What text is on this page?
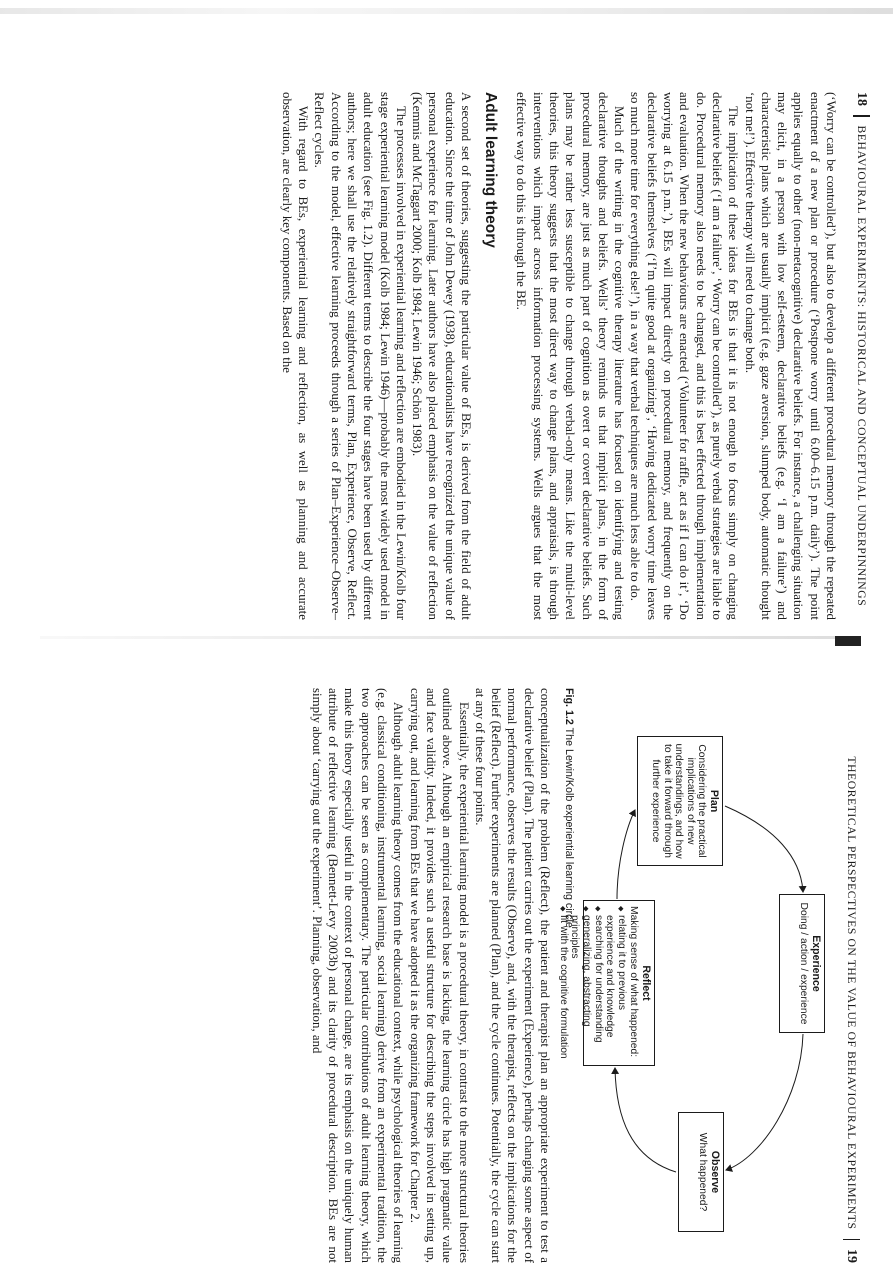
18
BEHAVIOURAL EXPERIMENTS: HISTORICAL AND CONCEPTUAL UNDERPINNINGS

(‘Worry can be controlled’), but also to develop a different procedural memory through the repeated enactment of a new plan or procedure (‘Postpone worry until 6.00–6.15 p.m. daily’). The point applies equally to other (non-metacognitive) declarative beliefs. For instance, a challenging situation may elicit, in a person with low self-esteem, declarative beliefs (e.g. ‘I am a failure’) and characteristic plans which are usually implicit (e.g. gaze aversion, slumped body, automatic thought ‘not me!’). Effective therapy will need to change both.

The implication of these ideas for BEs is that it is not enough to focus simply on changing declarative beliefs (‘I am a failure’, ‘Worry can be controlled’), as purely verbal strategies are liable to do. Procedural memory also needs to be changed, and this is best effected through implementation and evaluation. When the new behaviours are enacted (‘Volunteer for raffle, act as if I can do it’, ‘Do worrying at 6.15 p.m.’), BEs will impact directly on procedural memory, and frequently on the declarative beliefs themselves (‘I’m quite good at organizing’, ‘Having dedicated worry time leaves so much more time for everything else!’), in a way that verbal techniques are much less able to do.

Much of the writing in the cognitive therapy literature has focused on identifying and testing declarative thoughts and beliefs. Wells’ theory reminds us that implicit plans, in the form of procedural memory, are just as much part of cognition as overt or covert declarative beliefs. Such plans may be rather less susceptible to change through verbal-only means. Like the multi-level theories, this theory suggests that the most direct way to change plans, and appraisals, is through interventions which impact across information processing systems. Wells argues that the most effective way to do this is through the BE.

Adult learning theory

A second set of theories, suggesting the particular value of BEs, is derived from the field of adult education. Since the time of John Dewey (1938), educationalists have recognized the unique value of personal experience for learning. Later authors have also placed emphasis on the value of reflection (Kemmis and McTaggart 2000; Kolb 1984; Lewin 1946; Schön 1983).

The processes involved in experiential learning and reflection are embodied in the Lewin/Kolb four stage experiential learning model (Kolb 1984; Lewin 1946)—probably the most widely used model in adult education (see Fig. 1.2). Different terms to describe the four stages have been used by different authors; here we shall use the relatively straightforward terms, Plan, Experience, Observe, Reflect. According to the model, effective learning proceeds through a series of Plan–Experience–Observe–Reflect cycles.

With regard to BEs, experiential learning and reflection, as well as planning and accurate observation, are clearly key components. Based on the

THEORETICAL PERSPECTIVES ON THE VALUE OF BEHAVIOURAL EXPERIMENTS
19
Experience
Doing / action / experience
Observe
What happened?
Reflect
Making sense of what happened:
◆ relating it to previous experience and knowledge
◆ searching for understanding
◆ generalizing, abstracting principles
◆ fit with the cognitive formulation
Plan
Considering the practical implications of new understandings, and how to take it forward through further experience

Fig. 1.2 The Lewin/Kolb experiential learning circle.

conceptualization of the problem (Reflect), the patient and therapist plan an appropriate experiment to test a declarative belief (Plan). The patient carries out the experiment (Experience), perhaps changing some aspect of normal performance, observes the results (Observe), and, with the therapist, reflects on the implications for the belief (Reflect). Further experiments are planned (Plan), and the cycle continues. Potentially, the cycle can start at any of these four points.

Essentially, the experiential learning model is a procedural theory, in contrast to the more structural theories outlined above. Although an empirical research base is lacking, the learning circle has high pragmatic value and face validity. Indeed, it provides such a useful structure for describing the steps involved in setting up, carrying out, and learning from BEs that we have adopted it as the organizing framework for Chapter 2.

Although adult learning theory comes from the educational context, while psychological theories of learning (e.g. classical conditioning, instrumental learning, social learning) derive from an experimental tradition, the two approaches can be seen as complementary. The particular contributions of adult learning theory, which make this theory especially useful in the context of personal change, are its emphasis on the uniquely human attribute of reflective learning (Bennett-Levy 2003b) and its clarity of procedural description. BEs are not simply about ‘carrying out the experiment’. Planning, observation, and
